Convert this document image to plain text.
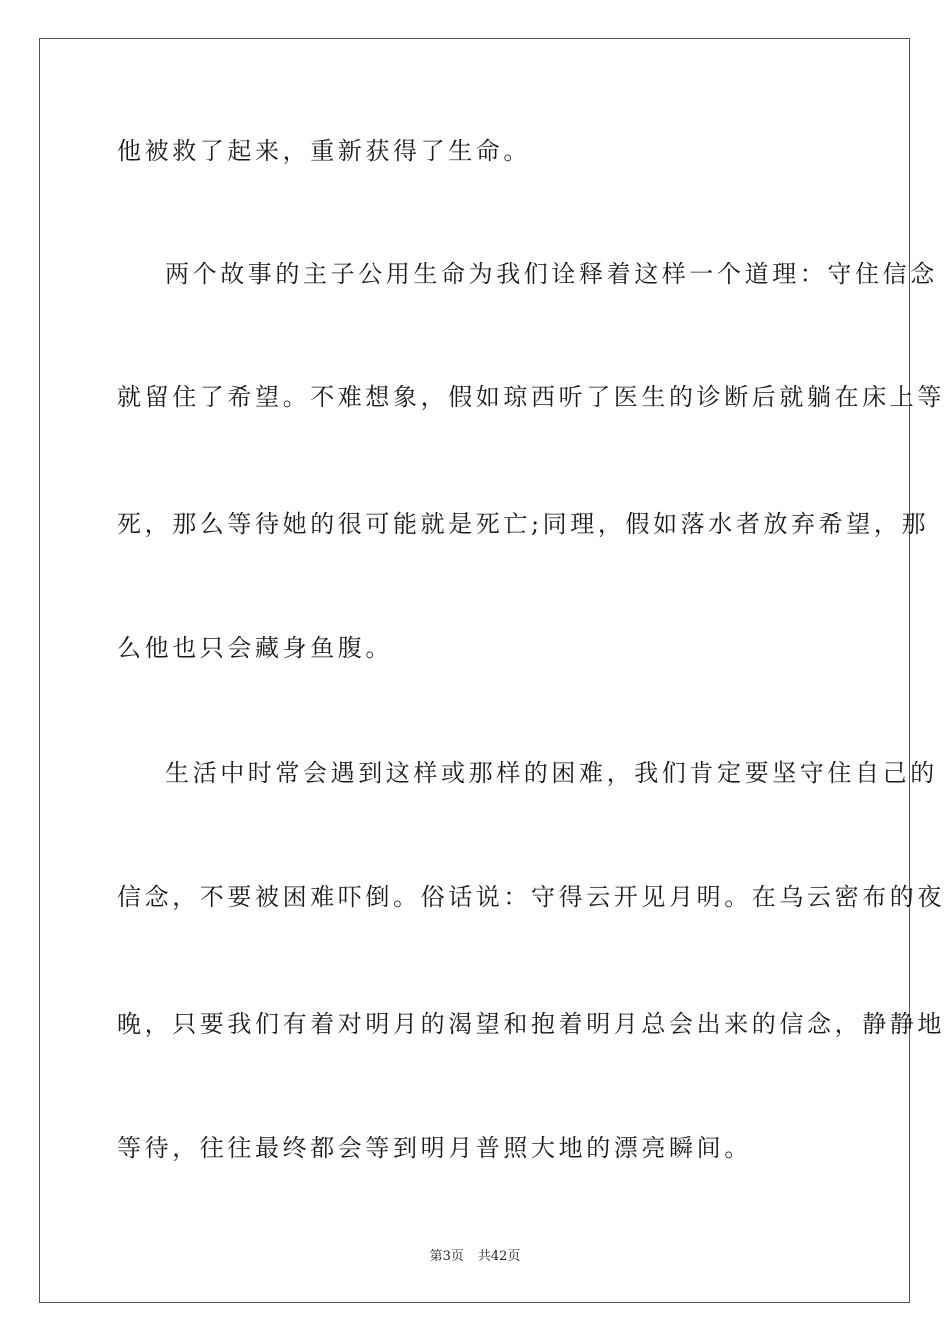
他被救了起来，重新获得了生命。

两个故事的主子公用生命为我们诠释着这样一个道理：守住信念

就留住了希望。不难想象，假如琼西听了医生的诊断后就躺在床上等

死，那么等待她的很可能就是死亡;同理，假如落水者放弃希望，那

么他也只会藏身鱼腹。

生活中时常会遇到这样或那样的困难，我们肯定要坚守住自己的

信念，不要被困难吓倒。俗话说：守得云开见月明。在乌云密布的夜

晚，只要我们有着对明月的渴望和抱着明月总会出来的信念，静静地

等待，往往最终都会等到明月普照大地的漂亮瞬间。

第3页 共42页
